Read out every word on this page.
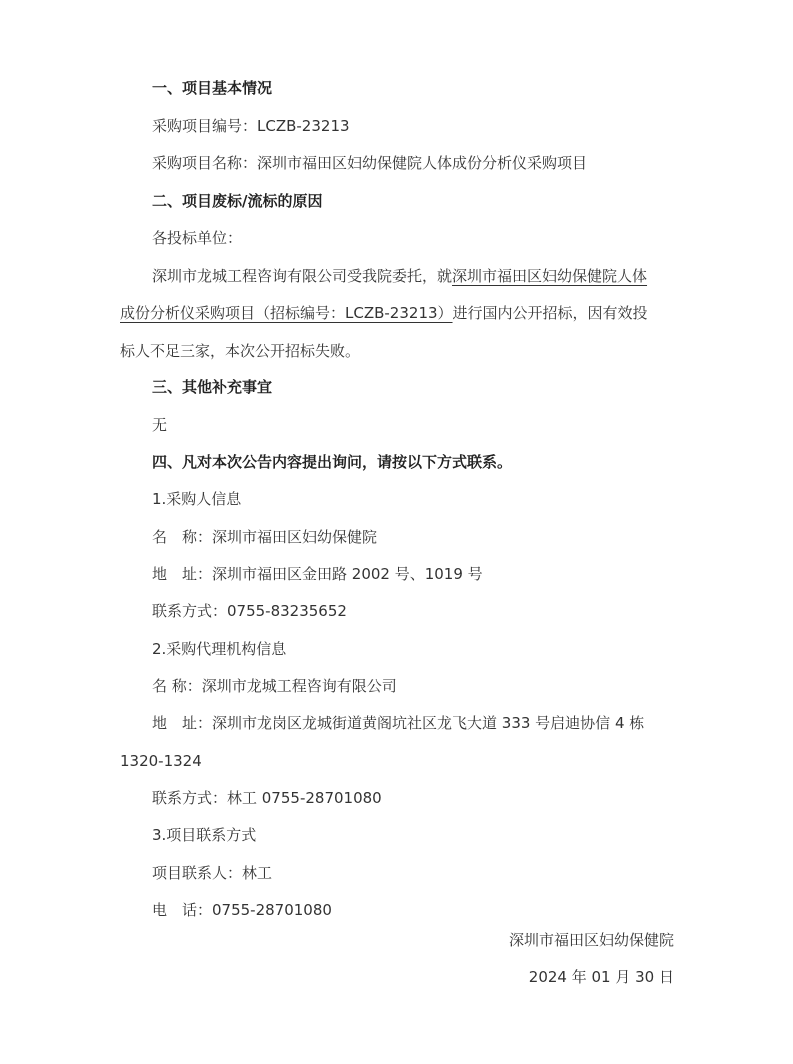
一、项目基本情况
采购项目编号：LCZB-23213
采购项目名称：深圳市福田区妇幼保健院人体成份分析仪采购项目
二、项目废标/流标的原因
各投标单位：
深圳市龙城工程咨询有限公司受我院委托，就深圳市福田区妇幼保健院人体
成份分析仪采购项目（招标编号：LCZB-23213）进行国内公开招标，因有效投
标人不足三家，本次公开招标失败。
三、其他补充事宜
无
四、凡对本次公告内容提出询问，请按以下方式联系。
1.采购人信息
名　称：深圳市福田区妇幼保健院
地　址：深圳市福田区金田路 2002 号、1019 号
联系方式：0755-83235652
2.采购代理机构信息
名 称：深圳市龙城工程咨询有限公司
地　址：深圳市龙岗区龙城街道黄阁坑社区龙飞大道 333 号启迪协信 4 栋
1320-1324
联系方式：林工 0755-28701080
3.项目联系方式
项目联系人：林工
电　话：0755-28701080
深圳市福田区妇幼保健院
2024 年 01 月 30 日
